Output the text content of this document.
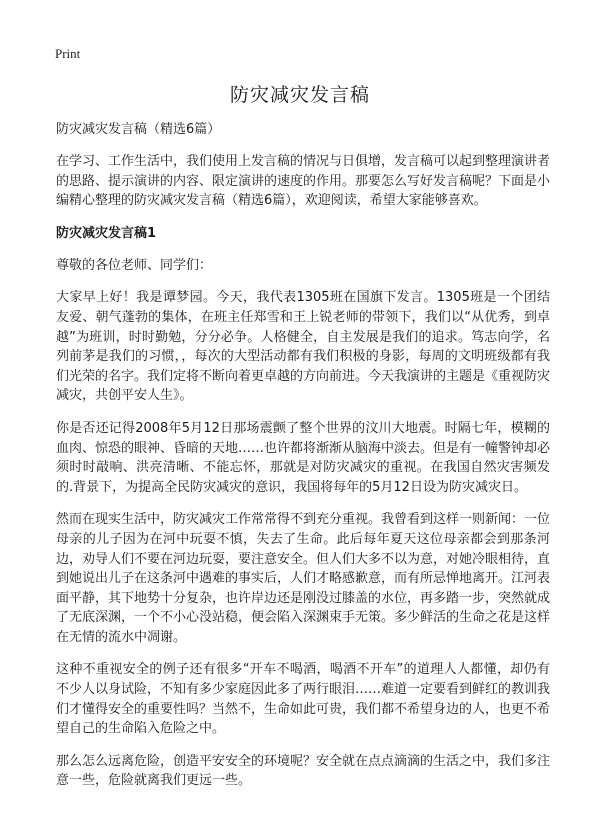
Print
防灾减灾发言稿
防灾减灾发言稿（精选6篇）

在学习、工作生活中，我们使用上发言稿的情况与日俱增，发言稿可以起到整理演讲者的思路、提示演讲的内容、限定演讲的速度的作用。那要怎么写好发言稿呢？下面是小编精心整理的防灾减灾发言稿（精选6篇），欢迎阅读，希望大家能够喜欢。

防灾减灾发言稿1

尊敬的各位老师、同学们：

大家早上好！我是谭梦园。今天，我代表1305班在国旗下发言。1305班是一个团结友爱、朝气蓬勃的集体，在班主任郑雪和王上锐老师的带领下，我们以“从优秀，到卓越”为班训，时时勤勉，分分必争。人格健全，自主发展是我们的追求。笃志向学，名列前茅是我们的习惯，，每次的大型活动都有我们积极的身影，每周的文明班级都有我们光荣的名字。我们定将不断向着更卓越的方向前进。今天我演讲的主题是《重视防灾减灾，共创平安人生》。

你是否还记得2008年5月12日那场震颤了整个世界的汶川大地震。时隔七年，模糊的血肉、惊恐的眼神、昏暗的天地……也许都将渐渐从脑海中淡去。但是有一幢警钟却必须时时敲响、洪亮清晰、不能忘怀，那就是对防灾减灾的重视。在我国自然灾害频发的.背景下，为提高全民防灾减灾的意识，我国将每年的5月12日设为防灾减灾日。

然而在现实生活中，防灾减灾工作常常得不到充分重视。我曾看到这样一则新闻：一位母亲的儿子因为在河中玩耍不慎，失去了生命。此后每年夏天这位母亲都会到那条河边，劝导人们不要在河边玩耍，要注意安全。但人们大多不以为意，对她冷眼相待，直到她说出儿子在这条河中遇难的事实后，人们才略感歉意，而有所忌惮地离开。江河表面平静，其下地势十分复杂，也许岸边还是刚没过膝盖的水位，再多踏一步，突然就成了无底深渊，一个不小心没站稳，便会陷入深渊束手无策。多少鲜活的生命之花是这样在无情的流水中凋谢。

这种不重视安全的例子还有很多“开车不喝酒，喝酒不开车”的道理人人都懂，却仍有不少人以身试险，不知有多少家庭因此多了两行眼泪……难道一定要看到鲜红的教训我们才懂得安全的重要性吗？当然不，生命如此可贵，我们都不希望身边的人，也更不希望自己的生命陷入危险之中。

那么怎么远离危险，创造平安安全的环境呢？安全就在点点滴滴的生活之中，我们多注意一些，危险就离我们更远一些。
